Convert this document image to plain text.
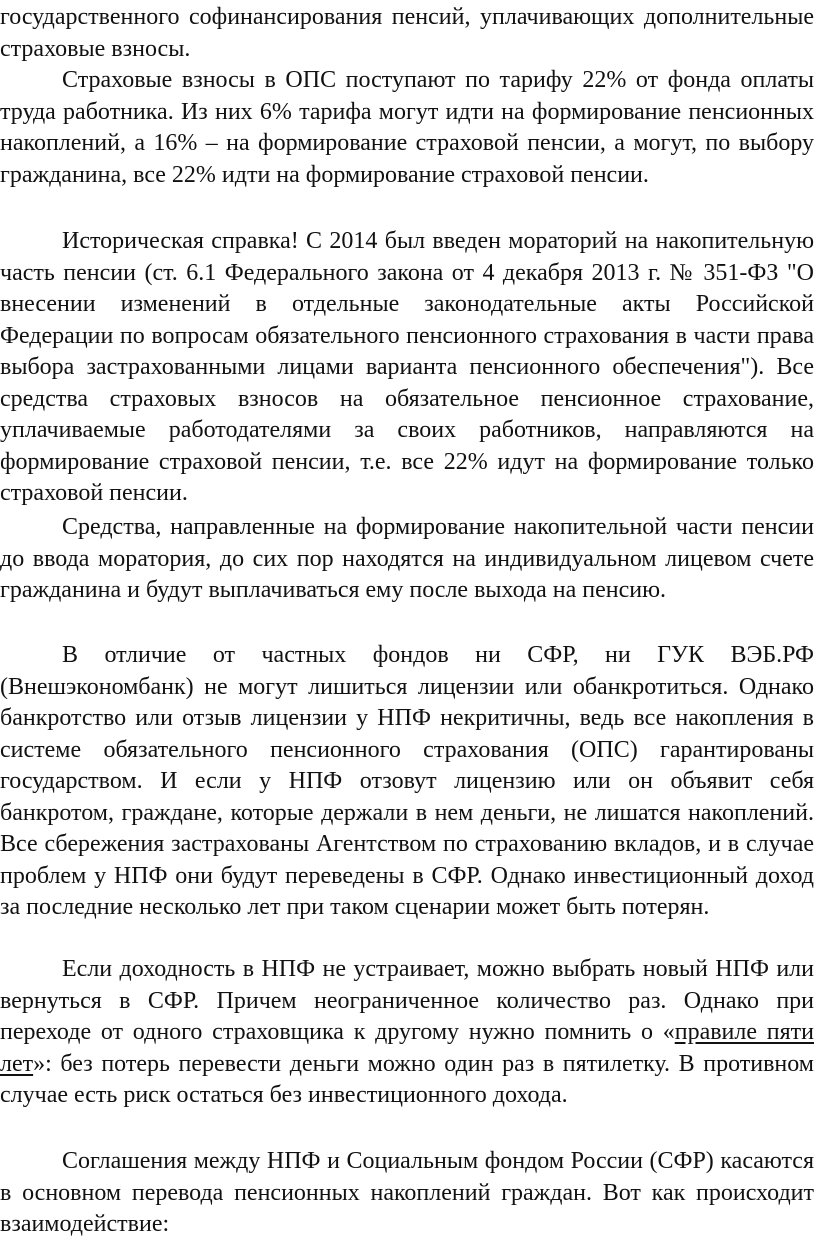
государственного софинансирования пенсий, уплачивающих дополнительные страховые взносы.

Страховые взносы в ОПС поступают по тарифу 22% от фонда оплаты труда работника. Из них 6% тарифа могут идти на формирование пенсионных накоплений, а 16% – на формирование страховой пенсии, а могут, по выбору гражданина, все 22% идти на формирование страховой пенсии.

Историческая справка! С 2014 был введен мораторий на накопительную часть пенсии (ст. 6.1 Федерального закона от 4 декабря 2013 г. № 351-ФЗ "О внесении изменений в отдельные законодательные акты Российской Федерации по вопросам обязательного пенсионного страхования в части права выбора застрахованными лицами варианта пенсионного обеспечения"). Все средства страховых взносов на обязательное пенсионное страхование, уплачиваемые работодателями за своих работников, направляются на формирование страховой пенсии, т.е. все 22% идут на формирование только страховой пенсии.

Средства, направленные на формирование накопительной части пенсии до ввода моратория, до сих пор находятся на индивидуальном лицевом счете гражданина и будут выплачиваться ему после выхода на пенсию.

В отличие от частных фондов ни СФР, ни ГУК ВЭБ.РФ (Внешэкономбанк) не могут лишиться лицензии или обанкротиться. Однако банкротство или отзыв лицензии у НПФ некритичны, ведь все накопления в системе обязательного пенсионного страхования (ОПС) гарантированы государством. И если у НПФ отзовут лицензию или он объявит себя банкротом, граждане, которые держали в нем деньги, не лишатся накоплений. Все сбережения застрахованы Агентством по страхованию вкладов, и в случае проблем у НПФ они будут переведены в СФР. Однако инвестиционный доход за последние несколько лет при таком сценарии может быть потерян.

Если доходность в НПФ не устраивает, можно выбрать новый НПФ или вернуться в СФР. Причем неограниченное количество раз. Однако при переходе от одного страховщика к другому нужно помнить о «правиле пяти лет»: без потерь перевести деньги можно один раз в пятилетку. В противном случае есть риск остаться без инвестиционного дохода.

Соглашения между НПФ и Социальным фондом России (СФР) касаются в основном перевода пенсионных накоплений граждан. Вот как происходит взаимодействие:
